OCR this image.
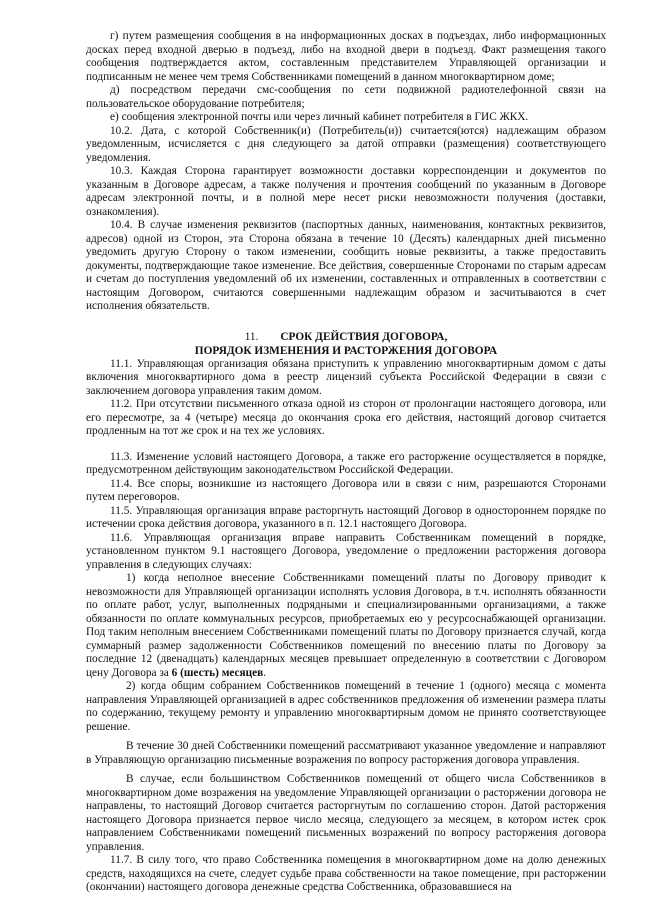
г) путем размещения сообщения в на информационных досках в подъездах, либо информационных досках перед входной дверью в подъезд, либо на входной двери в подъезд. Факт размещения такого сообщения подтверждается актом, составленным представителем Управляющей организации и подписанным не менее чем тремя Собственниками помещений в данном многоквартирном доме;

д) посредством передачи смс-сообщения по сети подвижной радиотелефонной связи на пользовательское оборудование потребителя;

е) сообщения электронной почты или через личный кабинет потребителя в ГИС ЖКХ.

10.2. Дата, с которой Собственник(и) (Потребитель(и)) считается(ются) надлежащим образом уведомленным, исчисляется с дня следующего за датой отправки (размещения) соответствующего уведомления.

10.3. Каждая Сторона гарантирует возможности доставки корреспонденции и документов по указанным в Договоре адресам, а также получения и прочтения сообщений по указанным в Договоре адресам электронной почты, и в полной мере несет риски невозможности получения (доставки, ознакомления).

10.4. В случае изменения реквизитов (паспортных данных, наименования, контактных реквизитов, адресов) одной из Сторон, эта Сторона обязана в течение 10 (Десять) календарных дней письменно уведомить другую Сторону о таком изменении, сообщить новые реквизиты, а также предоставить документы, подтверждающие такое изменение. Все действия, совершенные Сторонами по старым адресам и счетам до поступления уведомлений об их изменении, составленных и отправленных в соответствии с настоящим Договором, считаются совершенными надлежащим образом и засчитываются в счет исполнения обязательств.

11. СРОК ДЕЙСТВИЯ ДОГОВОРА,
ПОРЯДОК ИЗМЕНЕНИЯ И РАСТОРЖЕНИЯ ДОГОВОРА

11.1. Управляющая организация обязана приступить к управлению многоквартирным домом с даты включения многоквартирного дома в реестр лицензий субъекта Российской Федерации в связи с заключением договора управления таким домом.

11.2. При отсутствии письменного отказа одной из сторон от пролонгации настоящего договора, или его пересмотре, за 4 (четыре) месяца до окончания срока его действия, настоящий договор считается продленным на тот же срок и на тех же условиях.

11.3. Изменение условий настоящего Договора, а также его расторжение осуществляется в порядке, предусмотренном действующим законодательством Российской Федерации.

11.4. Все споры, возникшие из настоящего Договора или в связи с ним, разрешаются Сторонами путем переговоров.

11.5. Управляющая организация вправе расторгнуть настоящий Договор в одностороннем порядке по истечении срока действия договора, указанного в п. 12.1 настоящего Договора.

11.6. Управляющая организация вправе направить Собственникам помещений в порядке, установленном пунктом 9.1 настоящего Договора, уведомление о предложении расторжения договора управления в следующих случаях:

1) когда неполное внесение Собственниками помещений платы по Договору приводит к невозможности для Управляющей организации исполнять условия Договора, в т.ч. исполнять обязанности по оплате работ, услуг, выполненных подрядными и специализированными организациями, а также обязанности по оплате коммунальных ресурсов, приобретаемых ею у ресурсоснабжающей организации. Под таким неполным внесением Собственниками помещений платы по Договору признается случай, когда суммарный размер задолженности Собственников помещений по внесению платы по Договору за последние 12 (двенадцать) календарных месяцев превышает определенную в соответствии с Договором цену Договора за 6 (шесть) месяцев.

2) когда общим собранием Собственников помещений в течение 1 (одного) месяца с момента направления Управляющей организацией в адрес собственников предложения об изменении размера платы по содержанию, текущему ремонту и управлению многоквартирным домом не принято соответствующее решение.

В течение 30 дней Собственники помещений рассматривают указанное уведомление и направляют в Управляющую организацию письменные возражения по вопросу расторжения договора управления.

В случае, если большинством Собственников помещений от общего числа Собственников в многоквартирном доме возражения на уведомление Управляющей организации о расторжении договора не направлены, то настоящий Договор считается расторгнутым по соглашению сторон. Датой расторжения настоящего Договора признается первое число месяца, следующего за месяцем, в котором истек срок направлением Собственниками помещений письменных возражений по вопросу расторжения договора управления.

11.7. В силу того, что право Собственника помещения в многоквартирном доме на долю денежных средств, находящихся на счете, следует судьбе права собственности на такое помещение, при расторжении (окончании) настоящего договора денежные средства Собственника, образовавшиеся на
